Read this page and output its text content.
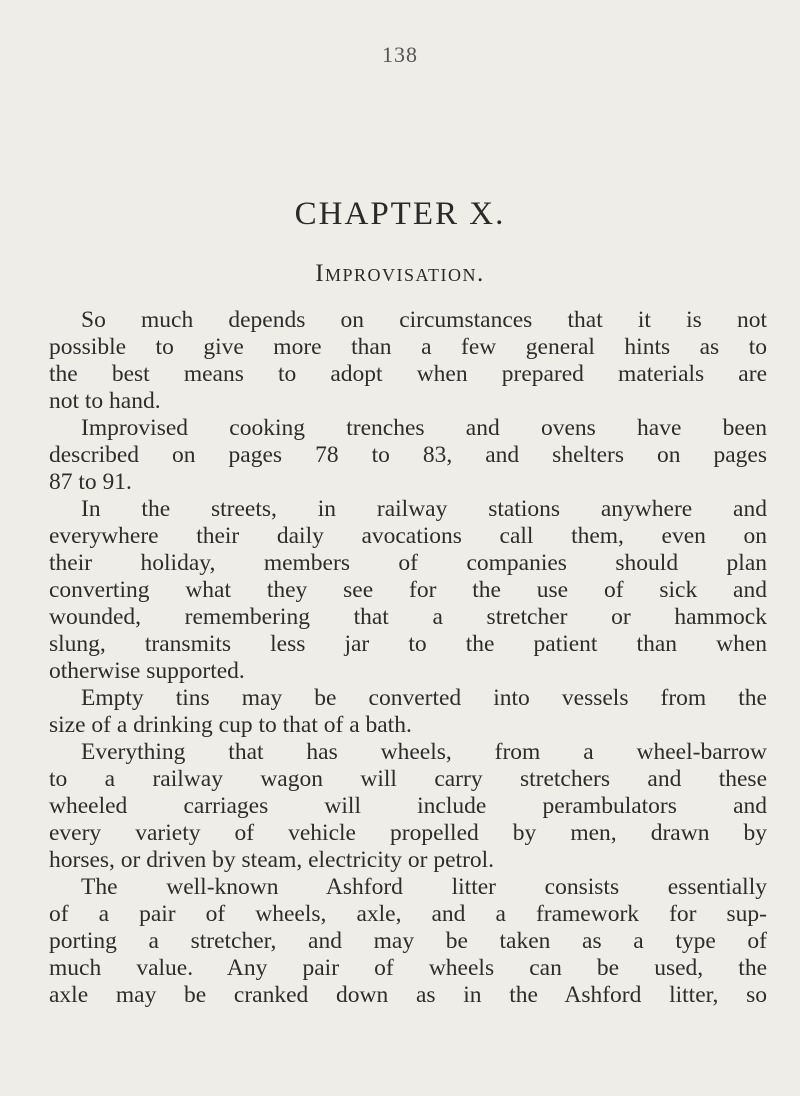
138
CHAPTER X.
Improvisation.
So much depends on circumstances that it is not
possible to give more than a few general hints as to
the best means to adopt when prepared materials are
not to hand.
Improvised cooking trenches and ovens have been
described on pages 78 to 83, and shelters on pages
87 to 91.
In the streets, in railway stations anywhere and
everywhere their daily avocations call them, even on
their holiday, members of companies should plan
converting what they see for the use of sick and
wounded, remembering that a stretcher or hammock
slung, transmits less jar to the patient than when
otherwise supported.
Empty tins may be converted into vessels from the
size of a drinking cup to that of a bath.
Everything that has wheels, from a wheel-barrow
to a railway wagon will carry stretchers and these
wheeled carriages will include perambulators and
every variety of vehicle propelled by men, drawn by
horses, or driven by steam, electricity or petrol.
The well-known Ashford litter consists essentially
of a pair of wheels, axle, and a framework for sup-
porting a stretcher, and may be taken as a type of
much value. Any pair of wheels can be used, the
axle may be cranked down as in the Ashford litter, so
